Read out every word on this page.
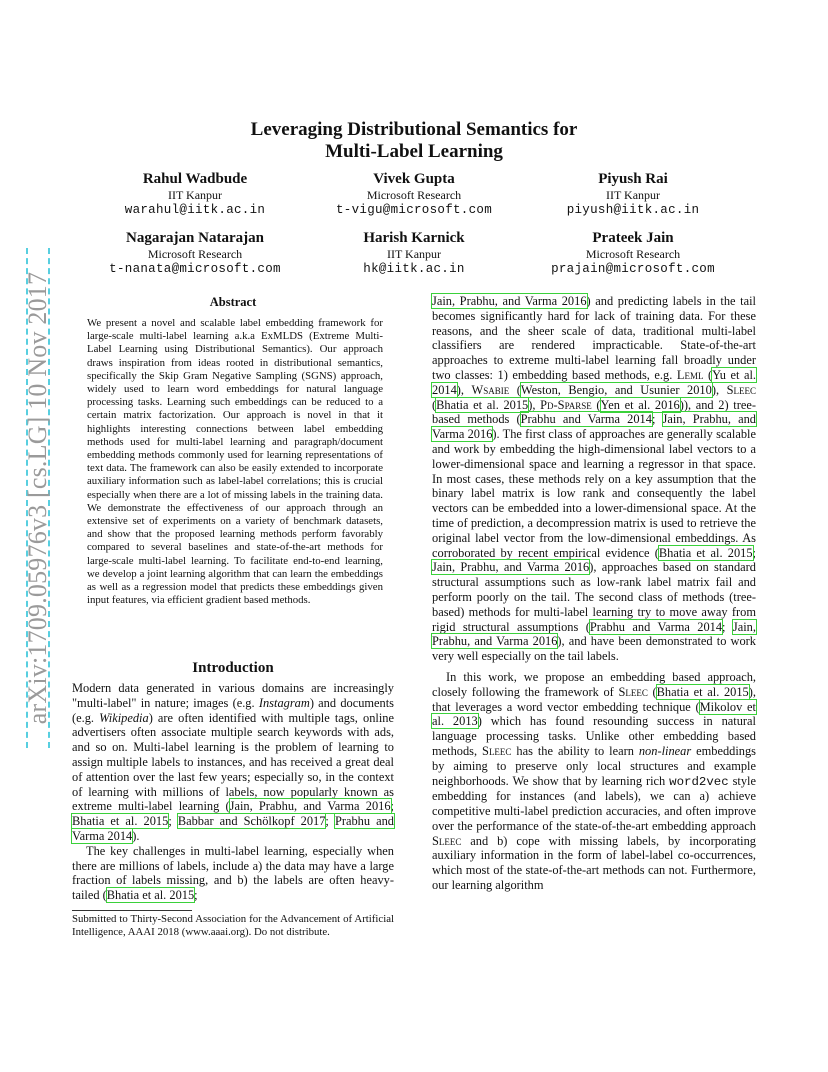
arXiv:1709.05976v3 [cs.LG] 10 Nov 2017
Leveraging Distributional Semantics for
Multi-Label Learning
Rahul Wadbude
IIT Kanpur
warahul@iitk.ac.in
Vivek Gupta
Microsoft Research
t-vigu@microsoft.com
Piyush Rai
IIT Kanpur
piyush@iitk.ac.in
Nagarajan Natarajan
Microsoft Research
t-nanata@microsoft.com
Harish Karnick
IIT Kanpur
hk@iitk.ac.in
Prateek Jain
Microsoft Research
prajain@microsoft.com
Abstract
We present a novel and scalable label embedding framework for large-scale multi-label learning a.k.a ExMLDS (Extreme Multi-Label Learning using Distributional Semantics). Our approach draws inspiration from ideas rooted in distributional semantics, specifically the Skip Gram Negative Sampling (SGNS) approach, widely used to learn word embeddings for natural language processing tasks. Learning such embeddings can be reduced to a certain matrix factorization. Our approach is novel in that it highlights interesting connections between label embedding methods used for multi-label learning and paragraph/document embedding methods commonly used for learning representations of text data. The framework can also be easily extended to incorporate auxiliary information such as label-label correlations; this is crucial especially when there are a lot of missing labels in the training data. We demonstrate the effectiveness of our approach through an extensive set of experiments on a variety of benchmark datasets, and show that the proposed learning methods perform favorably compared to several baselines and state-of-the-art methods for large-scale multi-label learning. To facilitate end-to-end learning, we develop a joint learning algorithm that can learn the embeddings as well as a regression model that predicts these embeddings given input features, via efficient gradient based methods.
Introduction

Modern data generated in various domains are increasingly "multi-label" in nature; images (e.g. Instagram) and documents (e.g. Wikipedia) are often identified with multiple tags, online advertisers often associate multiple search keywords with ads, and so on. Multi-label learning is the problem of learning to assign multiple labels to instances, and has received a great deal of attention over the last few years; especially so, in the context of learning with millions of labels, now popularly known as extreme multi-label learning (Jain, Prabhu, and Varma 2016; Bhatia et al. 2015; Babbar and Schölkopf 2017; Prabhu and Varma 2014).

The key challenges in multi-label learning, especially when there are millions of labels, include a) the data may have a large fraction of labels missing, and b) the labels are often heavy-tailed (Bhatia et al. 2015;

Submitted to Thirty-Second Association for the Advancement of Artificial Intelligence, AAAI 2018 (www.aaai.org). Do not distribute.

Jain, Prabhu, and Varma 2016) and predicting labels in the tail becomes significantly hard for lack of training data. For these reasons, and the sheer scale of data, traditional multi-label classifiers are rendered impracticable. State-of-the-art approaches to extreme multi-label learning fall broadly under two classes: 1) embedding based methods, e.g. Leml (Yu et al. 2014), Wsabie (Weston, Bengio, and Usunier 2010), Sleec (Bhatia et al. 2015), Pd-Sparse (Yen et al. 2016)), and 2) tree-based methods (Prabhu and Varma 2014; Jain, Prabhu, and Varma 2016). The first class of approaches are generally scalable and work by embedding the high-dimensional label vectors to a lower-dimensional space and learning a regressor in that space. In most cases, these methods rely on a key assumption that the binary label matrix is low rank and consequently the label vectors can be embedded into a lower-dimensional space. At the time of prediction, a decompression matrix is used to retrieve the original label vector from the low-dimensional embeddings. As corroborated by recent empirical evidence (Bhatia et al. 2015; Jain, Prabhu, and Varma 2016), approaches based on standard structural assumptions such as low-rank label matrix fail and perform poorly on the tail. The second class of methods (tree-based) methods for multi-label learning try to move away from rigid structural assumptions (Prabhu and Varma 2014; Jain, Prabhu, and Varma 2016), and have been demonstrated to work very well especially on the tail labels.

In this work, we propose an embedding based approach, closely following the framework of Sleec (Bhatia et al. 2015), that leverages a word vector embedding technique (Mikolov et al. 2013) which has found resounding success in natural language processing tasks. Unlike other embedding based methods, Sleec has the ability to learn non-linear embeddings by aiming to preserve only local structures and example neighborhoods. We show that by learning rich word2vec style embedding for instances (and labels), we can a) achieve competitive multi-label prediction accuracies, and often improve over the performance of the state-of-the-art embedding approach Sleec and b) cope with missing labels, by incorporating auxiliary information in the form of label-label co-occurrences, which most of the state-of-the-art methods can not. Furthermore, our learning algorithm
